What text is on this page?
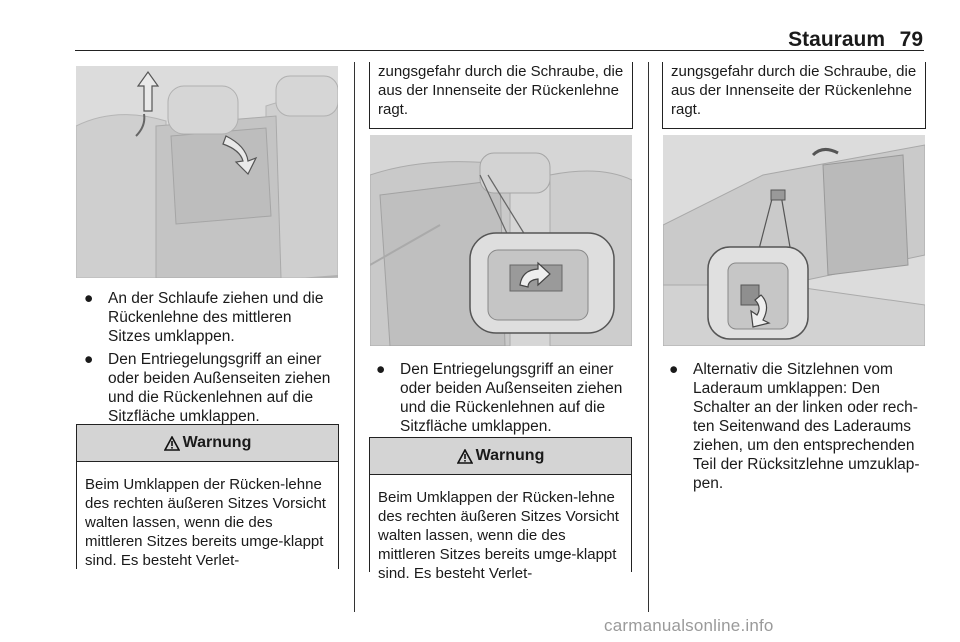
Stauraum 79
● An der Schlaufe ziehen und die Rückenlehne des mittleren Sitzes umklappen.
● Den Entriegelungsgriff an einer oder beiden Außenseiten ziehen und die Rückenlehnen auf die Sitzfläche umklappen.
Warnung
Beim Umklappen der Rücken-lehne des rechten äußeren Sitzes Vorsicht walten lassen, wenn die des mittleren Sitzes bereits umge-klappt sind. Es besteht Verlet-
zungsgefahr durch die Schraube, die aus der Innenseite der Rückenlehne ragt.
● Den Entriegelungsgriff an einer oder beiden Außenseiten ziehen und die Rückenlehnen auf die Sitzfläche umklappen.
Warnung
Beim Umklappen der Rücken-lehne des rechten äußeren Sitzes Vorsicht walten lassen, wenn die des mittleren Sitzes bereits umge-klappt sind. Es besteht Verlet-
zungsgefahr durch die Schraube, die aus der Innenseite der Rückenlehne ragt.
● Alternativ die Sitzlehnen vom Laderaum umklappen: Den Schalter an der linken oder rech-ten Seitenwand des Laderaums ziehen, um den entsprechenden Teil der Rücksitzlehne umzuklap-pen.
carmanualsonline.info
